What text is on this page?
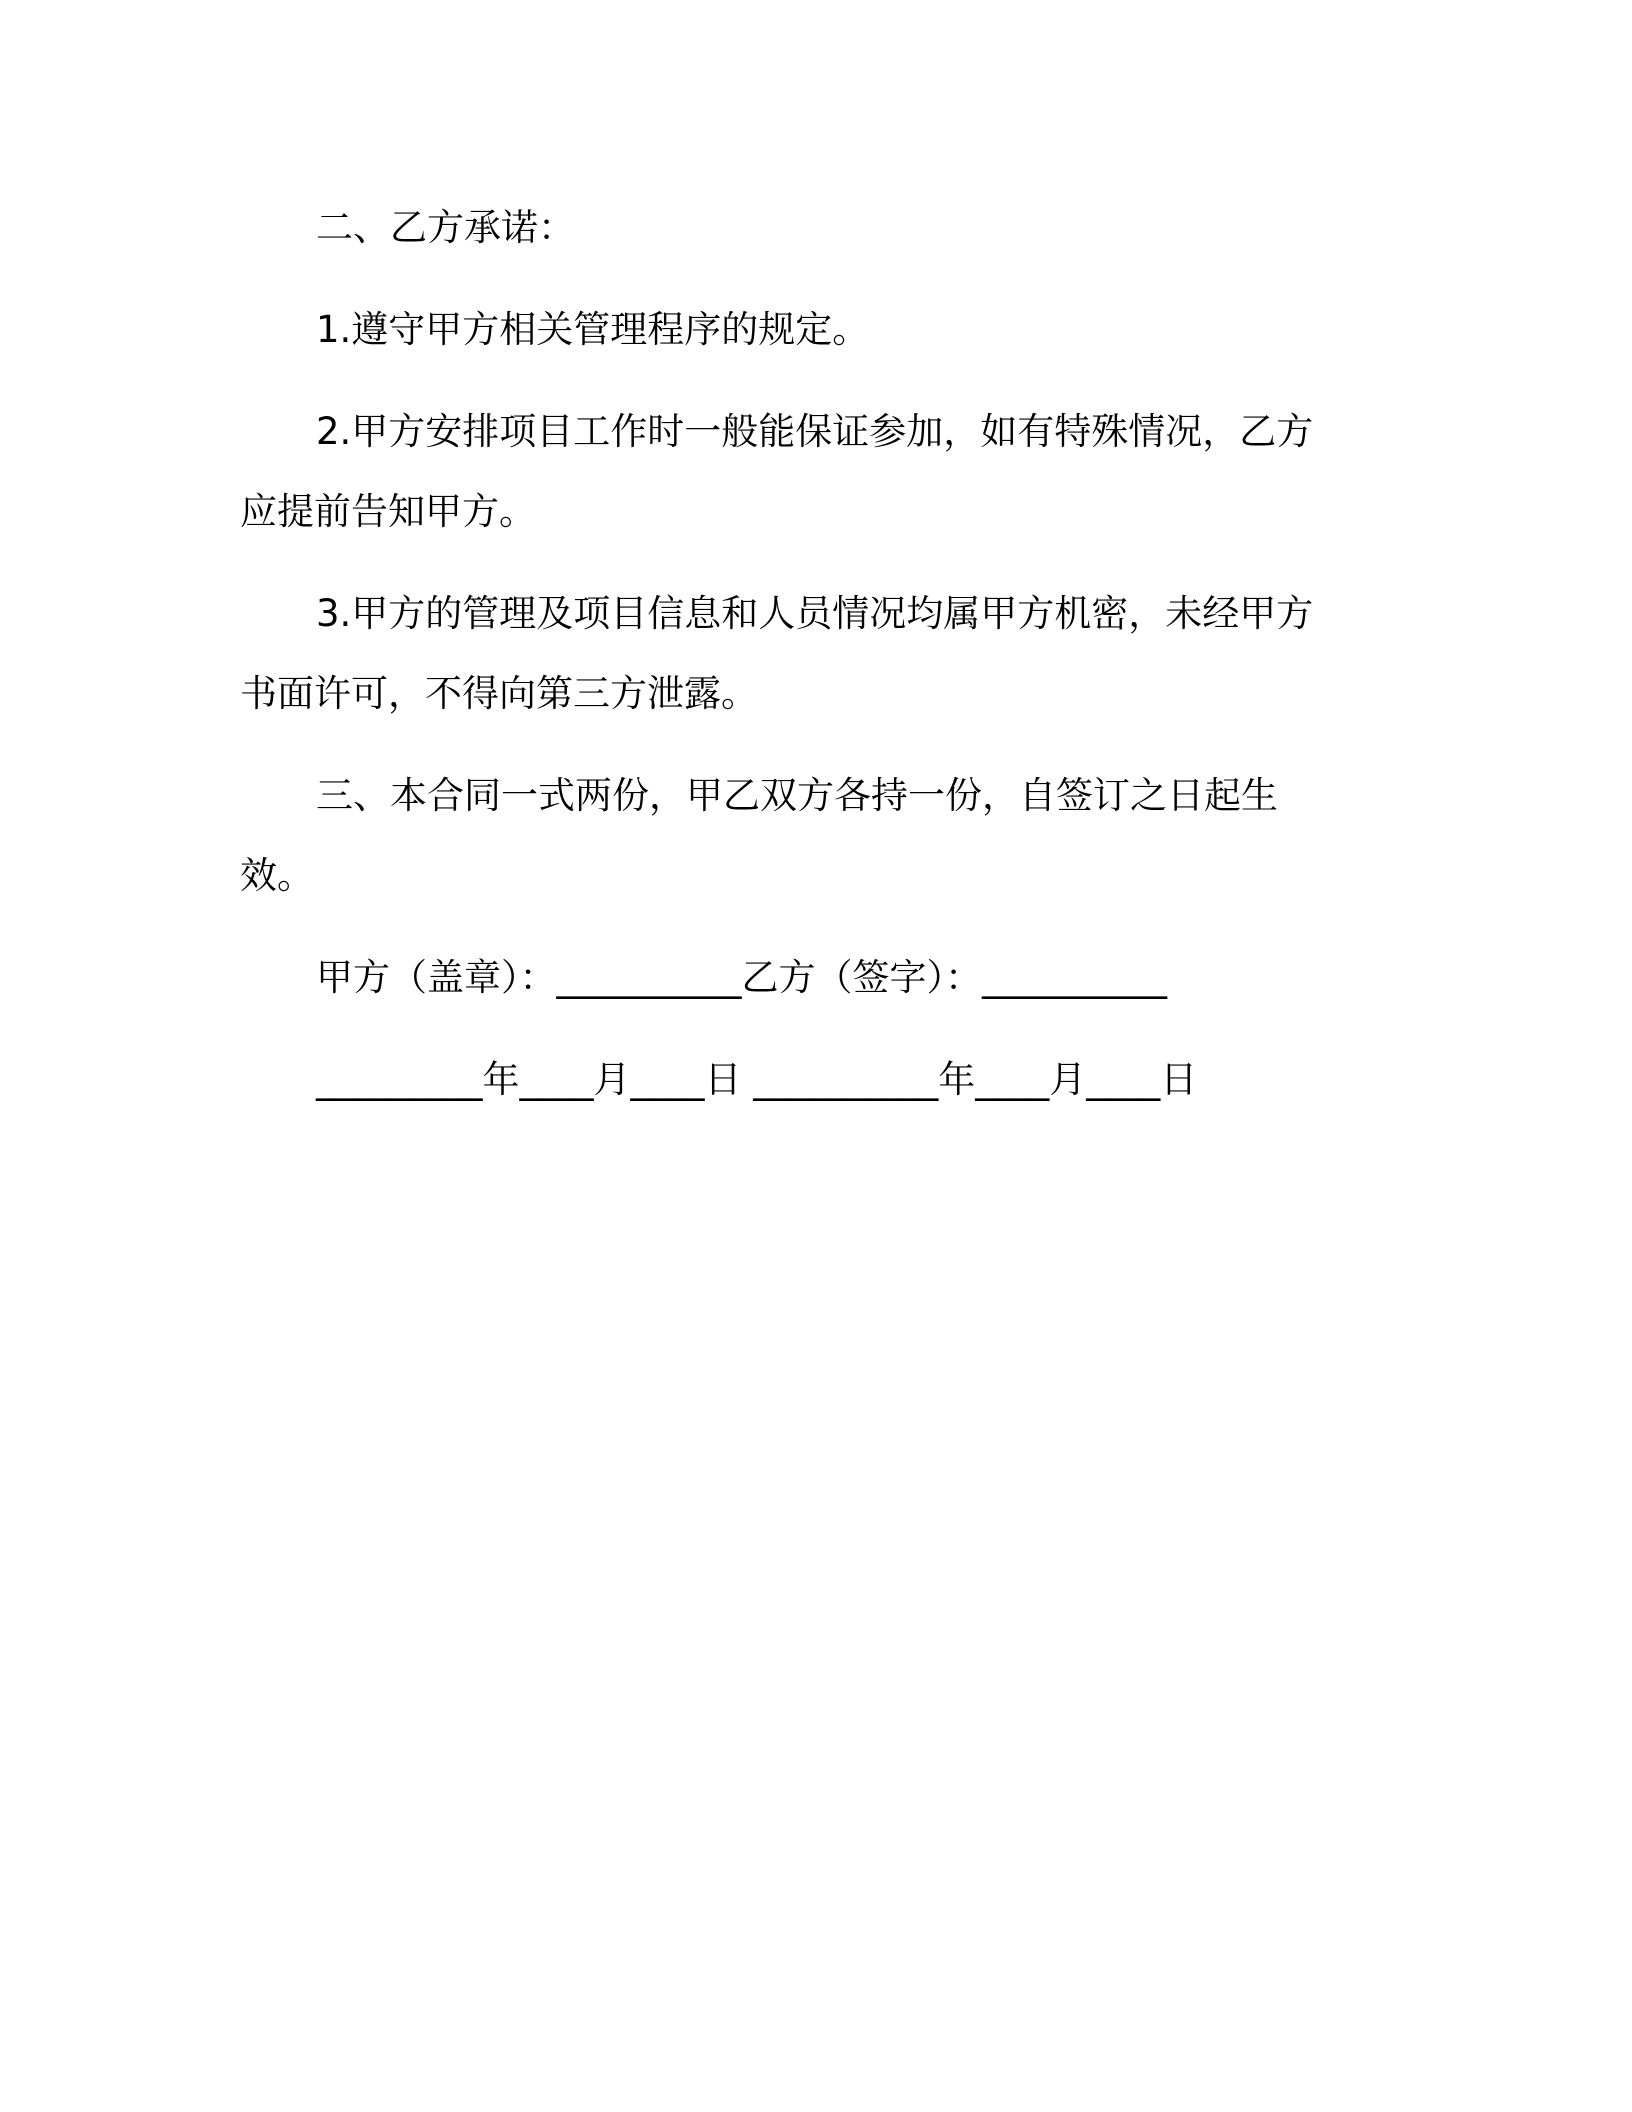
二、乙方承诺：

1.遵守甲方相关管理程序的规定。

2.甲方安排项目工作时一般能保证参加，如有特殊情况，乙方应提前告知甲方。

3.甲方的管理及项目信息和人员情况均属甲方机密，未经甲方书面许可，不得向第三方泄露。

三、本合同一式两份，甲乙双方各持一份，自签订之日起生效。

甲方（盖章）：__________乙方（签字）：__________

_________年____月____日 __________年____月____日
